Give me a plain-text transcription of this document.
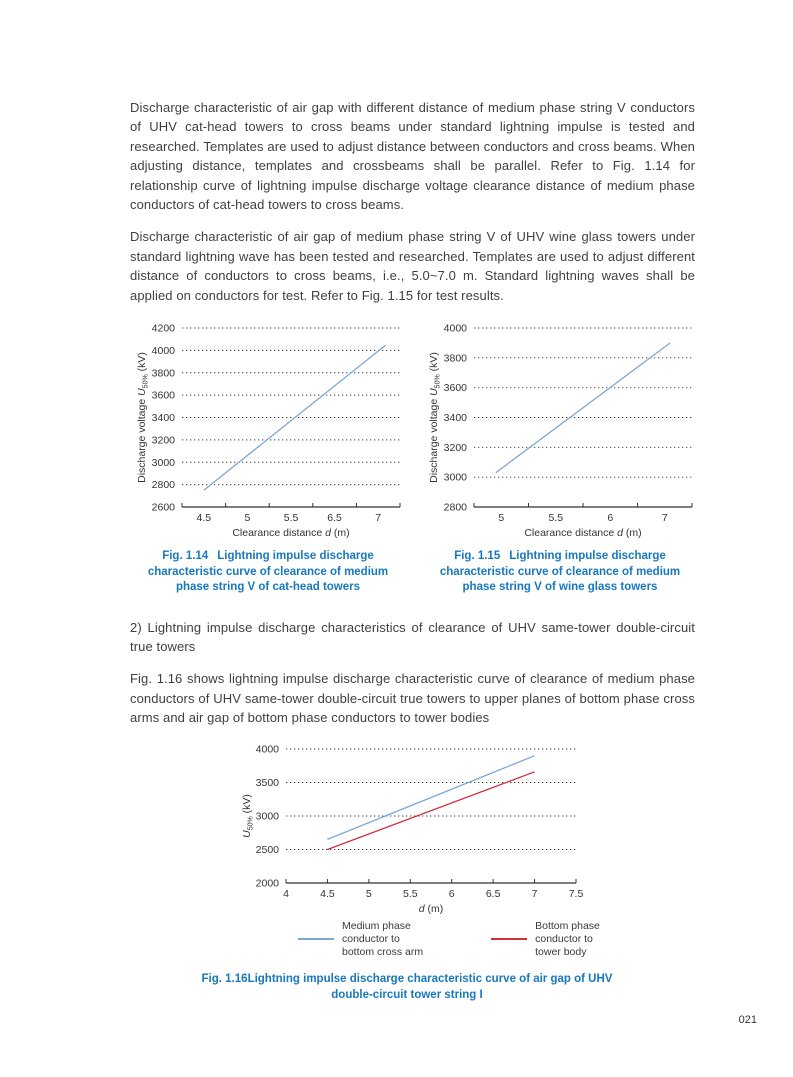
Discharge characteristic of air gap with different distance of medium phase string V conductors of UHV cat-head towers to cross beams under standard lightning impulse is tested and researched. Templates are used to adjust distance between conductors and cross beams. When adjusting distance, templates and crossbeams shall be parallel. Refer to Fig. 1.14 for relationship curve of lightning impulse discharge voltage clearance distance of medium phase conductors of cat-head towers to cross beams.

Discharge characteristic of air gap of medium phase string V of UHV wine glass towers under standard lightning wave has been tested and researched. Templates are used to adjust different distance of conductors to cross beams, i.e., 5.0~7.0 m. Standard lightning waves shall be applied on conductors for test. Refer to Fig. 1.15 for test results.

2600
2800
3000
3200
3400
3600
3800
4000
4200
4.5	5	5.5	6.5	7
Clearance distance d (m)
Discharge voltage $U_{50\%}$ (kV)
Fig. 1.14 Lightning impulse discharge characteristic curve of clearance of medium phase string V of cat-head towers
2800
3000
3200
3400
3600
3800
4000
5	5.5	6	7
Clearance distance d (m)
Discharge voltage $U_{50\%}$ (kV)
Fig. 1.15 Lightning impulse discharge characteristic curve of clearance of medium phase string V of wine glass towers

2) Lightning impulse discharge characteristics of clearance of UHV same-tower double-circuit true towers

Fig. 1.16 shows lightning impulse discharge characteristic curve of clearance of medium phase conductors of UHV same-tower double-circuit true towers to upper planes of bottom phase cross arms and air gap of bottom phase conductors to tower bodies

2000
2500
3000
3500
4000
4	4.5	5	5.5	6	6.5	7	7.5
d (m)
$U_{50\%}$ (kV)
Medium phase
conductor to
bottom cross arm
Bottom phase
conductor to
tower body
Fig. 1.16Lightning impulse discharge characteristic curve of air gap of UHV double-circuit tower string I
021
